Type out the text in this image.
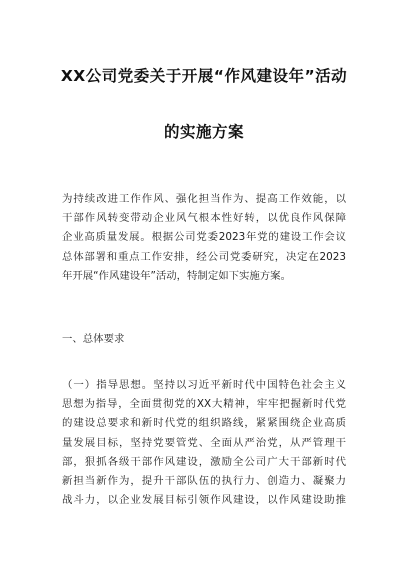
XX公司党委关于开展“作风建设年”活动
的实施方案
为持续改进工作作风、强化担当作为、提高工作效能，以
干部作风转变带动企业风气根本性好转，以优良作风保障
企业高质量发展。根据公司党委2023年党的建设工作会议
总体部署和重点工作安排，经公司党委研究，决定在2023
年开展“作风建设年”活动，特制定如下实施方案。
一、总体要求
（一）指导思想。坚持以习近平新时代中国特色社会主义
思想为指导，全面贯彻党的XX大精神，牢牢把握新时代党
的建设总要求和新时代党的组织路线，紧紧围绕企业高质
量发展目标，坚持党要管党、全面从严治党，从严管理干
部，狠抓各级干部作风建设，激励全公司广大干部新时代
新担当新作为，提升干部队伍的执行力、创造力、凝聚力
战斗力，以企业发展目标引领作风建设，以作风建设助推
